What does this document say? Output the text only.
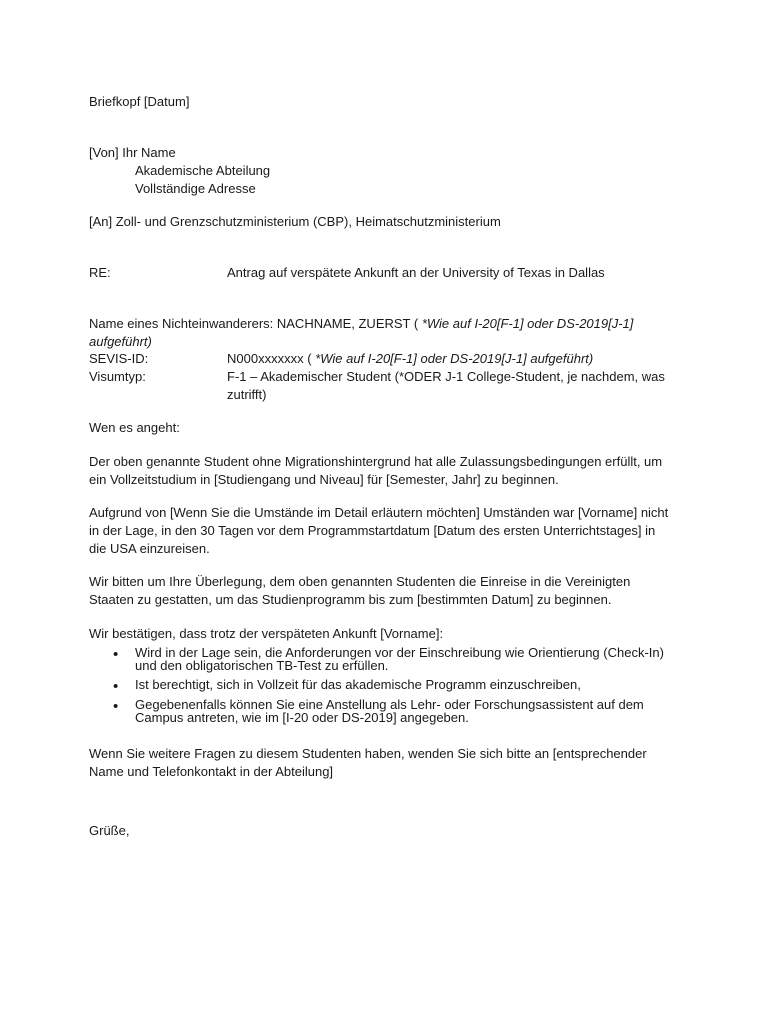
Briefkopf [Datum]

[Von] Ihr Name
Akademische Abteilung
Vollständige Adresse

[An] Zoll- und Grenzschutzministerium (CBP), Heimatschutzministerium

RE:	Antrag auf verspätete Ankunft an der University of Texas in Dallas
Name eines Nichteinwanderers: NACHNAME, ZUERST ( *Wie auf I-20[F-1] oder DS-2019[J-1] aufgeführt)
SEVIS-ID:	N000xxxxxxx ( *Wie auf I-20[F-1] oder DS-2019[J-1] aufgeführt)
Visumtyp:	F-1 – Akademischer Student (*ODER J-1 College-Student, je nachdem, was zutrifft)

Wen es angeht:

Der oben genannte Student ohne Migrationshintergrund hat alle Zulassungsbedingungen erfüllt, um ein Vollzeitstudium in [Studiengang und Niveau] für [Semester, Jahr] zu beginnen.

Aufgrund von [Wenn Sie die Umstände im Detail erläutern möchten] Umständen war [Vorname] nicht in der Lage, in den 30 Tagen vor dem Programmstartdatum [Datum des ersten Unterrichtstages] in die USA einzureisen.

Wir bitten um Ihre Überlegung, dem oben genannten Studenten die Einreise in die Vereinigten Staaten zu gestatten, um das Studienprogramm bis zum [bestimmten Datum] zu beginnen.

Wir bestätigen, dass trotz der verspäteten Ankunft [Vorname]:

•	Wird in der Lage sein, die Anforderungen vor der Einschreibung wie Orientierung (Check-In) und den obligatorischen TB-Test zu erfüllen.
•	Ist berechtigt, sich in Vollzeit für das akademische Programm einzuschreiben,
•	Gegebenenfalls können Sie eine Anstellung als Lehr- oder Forschungsassistent auf dem Campus antreten, wie im [I-20 oder DS-2019] angegeben.

Wenn Sie weitere Fragen zu diesem Studenten haben, wenden Sie sich bitte an [entsprechender Name und Telefonkontakt in der Abteilung]

Grüße,
